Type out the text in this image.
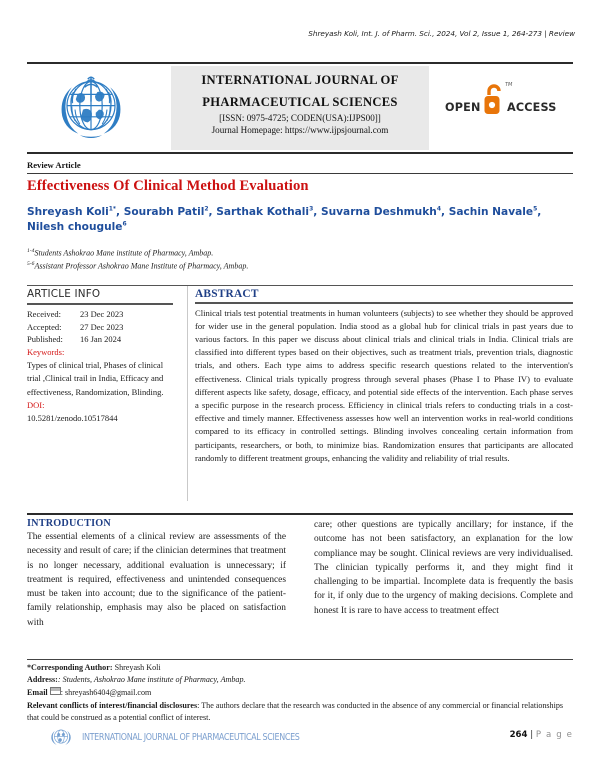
Shreyash Koli, Int. J. of Pharm. Sci., 2024, Vol 2, Issue 1, 264-273 | Review
INTERNATIONAL JOURNAL OF
PHARMACEUTICAL SCIENCES
[ISSN: 0975-4725; CODEN(USA):IJPS00]]
Journal Homepage: https://www.ijpsjournal.com
OPEN
TM
ACCESS
Review Article
Effectiveness Of Clinical Method Evaluation
Shreyash Koli$^{1*}$, Sourabh Patil$^2$, Sarthak Kothali$^3$, Suvarna Deshmukh$^4$, Sachin Navale$^5$, Nilesh chougule$^6$
$^{1-4}$Students Ashokrao Mane institute of Pharmacy, Ambap.
$^{5-6}$Assistant Professor Ashokrao Mane Institute of Pharmacy, Ambap.
ARTICLE INFO
Received:	23 Dec 2023
Accepted:	27 Dec 2023
Published:	16 Jan 2024
Keywords:
Types of clinical trial, Phases of clinical trial ,Clinical trail in India, Efficacy and effectiveness, Randomization, Blinding.
DOI:
10.5281/zenodo.10517844
ABSTRACT
Clinical trials test potential treatments in human volunteers (subjects) to see whether they should be approved for wider use in the general population. India stood as a global hub for clinical trials in past years due to various factors. In this paper we discuss about clinical trials and clinical trials in India. Clinical trials are classified into different types based on their objectives, such as treatment trials, prevention trials, diagnostic trials, and others. Each type aims to address specific research questions related to the intervention's effectiveness. Clinical trials typically progress through several phases (Phase I to Phase IV) to evaluate different aspects like safety, dosage, efficacy, and potential side effects of the intervention. Each phase serves a specific purpose in the research process. Efficiency in clinical trials refers to conducting trials in a cost-effective and timely manner. Effectiveness assesses how well an intervention works in real-world conditions compared to its efficacy in controlled settings. Blinding involves concealing certain information from participants, researchers, or both, to minimize bias. Randomization ensures that participants are allocated randomly to different treatment groups, enhancing the validity and reliability of trial results.
INTRODUCTION

The essential elements of a clinical review are assessments of the necessity and result of care; if the clinician determines that treatment is no longer necessary, additional evaluation is unnecessary; if treatment is required, effectiveness and unintended consequences must be taken into account; due to the significance of the patient-family relationship, emphasis may also be placed on satisfaction with

care; other questions are typically ancillary; for instance, if the outcome has not been satisfactory, an explanation for the low compliance may be sought. Clinical reviews are very individualised. The clinician typically performs it, and they might find it challenging to be impartial. Incomplete data is frequently the basis for it, if only due to the urgency of making decisions. Complete and honest It is rare to have access to treatment effect

*Corresponding Author: Shreyash Koli
Address:: Students, Ashokrao Mane institute of Pharmacy, Ambap.
Email : shreyash6404@gmail.com
Relevant conflicts of interest/financial disclosures: The authors declare that the research was conducted in the absence of any commercial or financial relationships that could be construed as a potential conflict of interest.
INTERNATIONAL JOURNAL OF PHARMACEUTICAL SCIENCES	264 | P a g e
